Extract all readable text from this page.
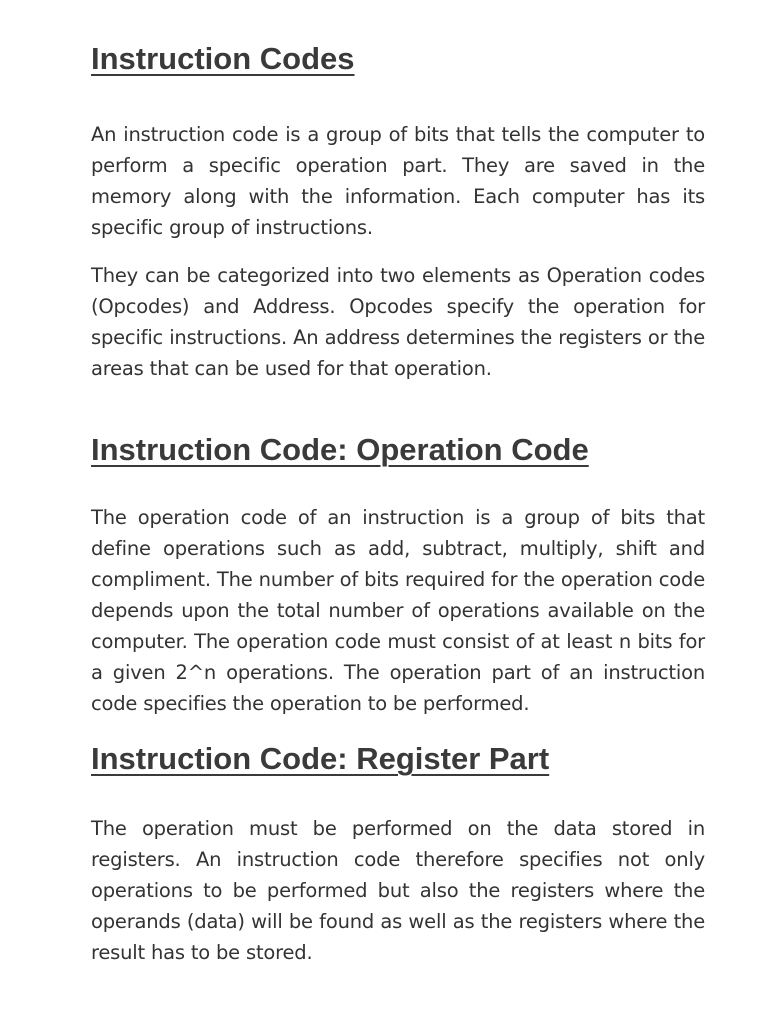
Instruction Codes

An instruction code is a group of bits that tells the computer to perform a specific operation part. They are saved in the memory along with the information. Each computer has its specific group of instructions.

They can be categorized into two elements as Operation codes (Opcodes) and Address. Opcodes specify the operation for specific instructions. An address determines the registers or the areas that can be used for that operation.

Instruction Code: Operation Code

The operation code of an instruction is a group of bits that define operations such as add, subtract, multiply, shift and compliment. The number of bits required for the operation code depends upon the total number of operations available on the computer. The operation code must consist of at least n bits for a given 2^n operations. The operation part of an instruction code specifies the operation to be performed.

Instruction Code: Register Part

The operation must be performed on the data stored in registers. An instruction code therefore specifies not only operations to be performed but also the registers where the operands (data) will be found as well as the registers where the result has to be stored.
